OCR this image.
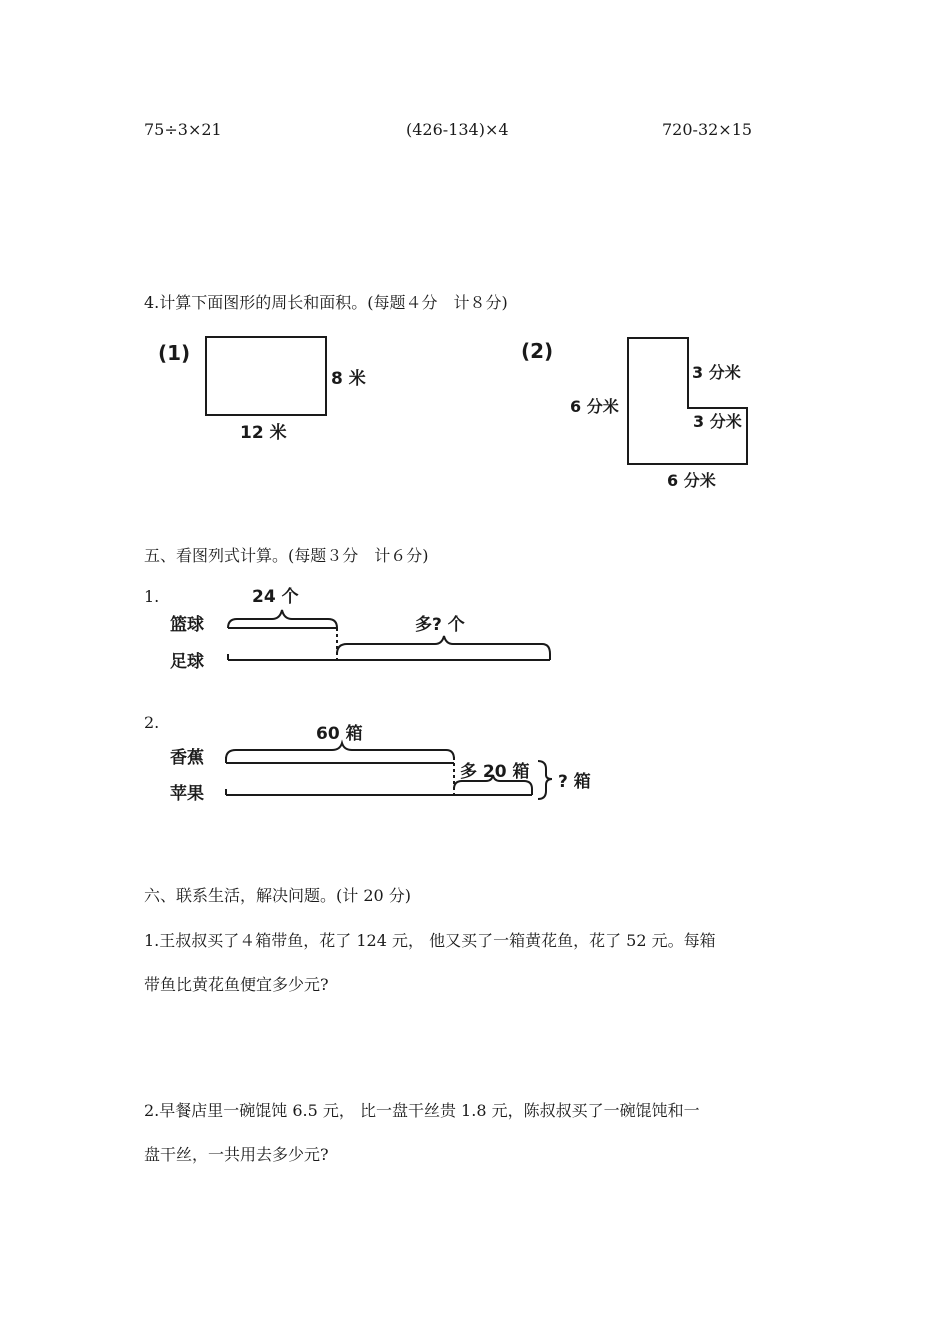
75÷3×21	(426-134)×4	720-32×15
4.计算下面图形的周长和面积。(每题４分　计８分)
(1)
8 米
12 米
(2)
6 分米
3 分米
3 分米
6 分米
五、看图列式计算。(每题３分　计６分)
1.
篮球
足球
24 个
多? 个
2.
香蕉
苹果
60 箱
多 20 箱 ? 箱
六、联系生活，解决问题。(计 20 分)
1.王叔叔买了４箱带鱼，花了 124 元， 他又买了一箱黄花鱼，花了 52 元。每箱
带鱼比黄花鱼便宜多少元?
2.早餐店里一碗馄饨 6.5 元， 比一盘干丝贵 1.8 元，陈叔叔买了一碗馄饨和一
盘干丝，一共用去多少元?
